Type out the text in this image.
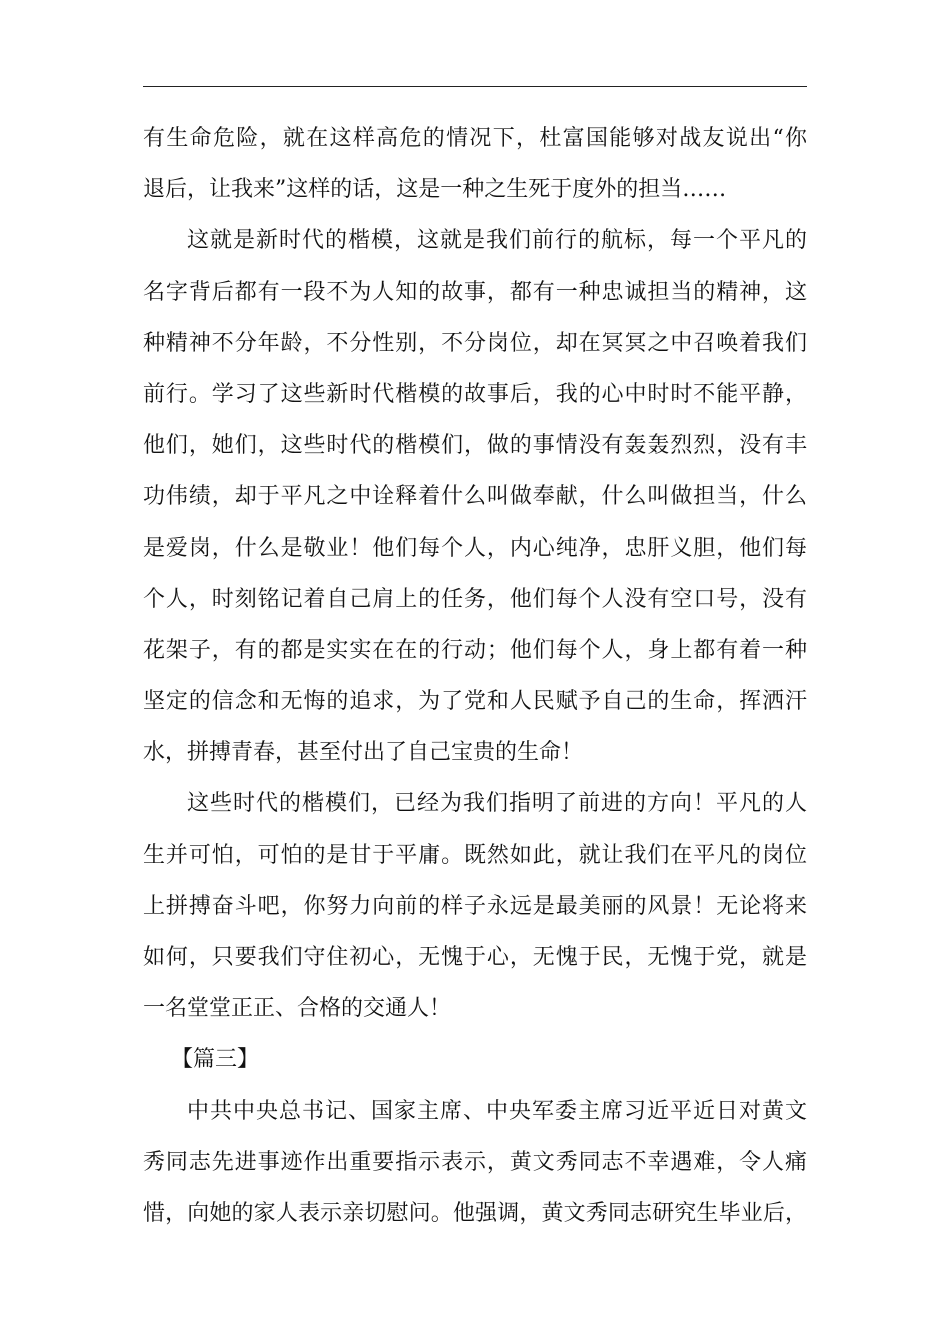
有生命危险，就在这样高危的情况下，杜富国能够对战友说出“你
退后，让我来”这样的话，这是一种之生死于度外的担当……
这就是新时代的楷模，这就是我们前行的航标，每一个平凡的
名字背后都有一段不为人知的故事，都有一种忠诚担当的精神，这
种精神不分年龄，不分性别，不分岗位，却在冥冥之中召唤着我们
前行。学习了这些新时代楷模的故事后，我的心中时时不能平静，
他们，她们，这些时代的楷模们，做的事情没有轰轰烈烈，没有丰
功伟绩，却于平凡之中诠释着什么叫做奉献，什么叫做担当，什么
是爱岗，什么是敬业！他们每个人，内心纯净，忠肝义胆，他们每
个人，时刻铭记着自己肩上的任务，他们每个人没有空口号，没有
花架子，有的都是实实在在的行动；他们每个人，身上都有着一种
坚定的信念和无悔的追求，为了党和人民赋予自己的生命，挥洒汗
水，拼搏青春，甚至付出了自己宝贵的生命！
这些时代的楷模们，已经为我们指明了前进的方向！平凡的人
生并可怕，可怕的是甘于平庸。既然如此，就让我们在平凡的岗位
上拼搏奋斗吧，你努力向前的样子永远是最美丽的风景！无论将来
如何，只要我们守住初心，无愧于心，无愧于民，无愧于党，就是
一名堂堂正正、合格的交通人！
【篇三】
中共中央总书记、国家主席、中央军委主席习近平近日对黄文
秀同志先进事迹作出重要指示表示，黄文秀同志不幸遇难，令人痛
惜，向她的家人表示亲切慰问。他强调，黄文秀同志研究生毕业后，
